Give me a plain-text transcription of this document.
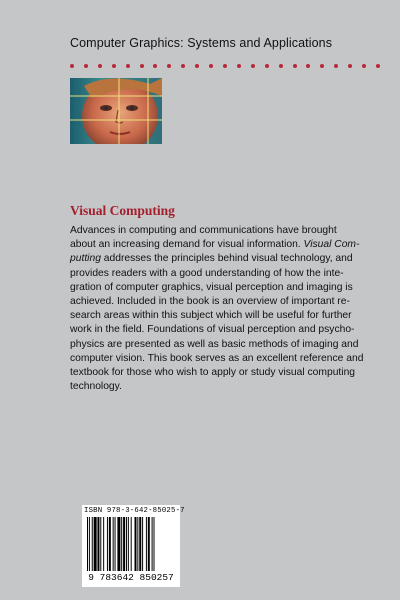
Computer Graphics: Systems and Applications
Visual Computing
Advances in computing and communications have brought
about an increasing demand for visual information. Visual Com-
putting addresses the principles behind visual technology, and
provides readers with a good understanding of how the inte-
gration of computer graphics, visual perception and imaging is
achieved. Included in the book is an overview of important re-
search areas within this subject which will be useful for further
work in the field. Foundations of visual perception and psycho-
physics are presented as well as basic methods of imaging and
computer vision. This book serves as an excellent reference and
textbook for those who wish to apply or study visual computing
technology.
ISBN 978-3-642-85025-7
9 783642 850257
